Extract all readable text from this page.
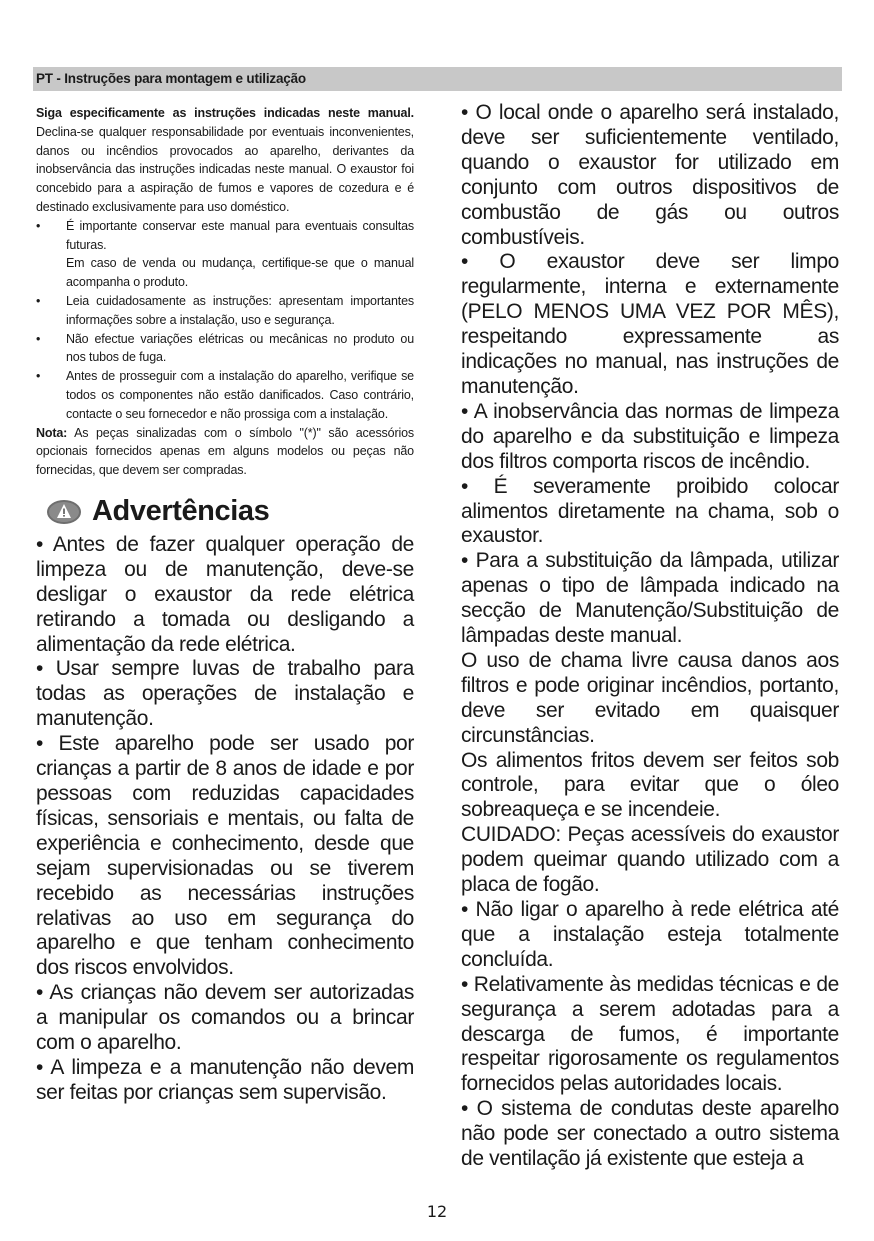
PT - Instruções para montagem e utilização

Siga especificamente as instruções indicadas neste manual. Declina-se qualquer responsabilidade por eventuais inconvenientes, danos ou incêndios provocados ao aparelho, derivantes da inobservância das instruções indicadas neste manual. O exaustor foi concebido para a aspiração de fumos e vapores de cozedura e é destinado exclusivamente para uso doméstico.

• É importante conservar este manual para eventuais consultas futuras.

Em caso de venda ou mudança, certifique-se que o manual acompanha o produto.

• Leia cuidadosamente as instruções: apresentam importantes informações sobre a instalação, uso e segurança.

• Não efectue variações elétricas ou mecânicas no produto ou nos tubos de fuga.

• Antes de prosseguir com a instalação do aparelho, verifique se todos os componentes não estão danificados. Caso contrário, contacte o seu fornecedor e não prossiga com a instalação.

Nota: As peças sinalizadas com o símbolo "(*)" são acessórios opcionais fornecidos apenas em alguns modelos ou peças não fornecidas, que devem ser compradas.

Advertências

• Antes de fazer qualquer operação de limpeza ou de manutenção, deve-se desligar o exaustor da rede elétrica retirando a tomada ou desligando a alimentação da rede elétrica.

• Usar sempre luvas de trabalho para todas as operações de instalação e manutenção.

• Este aparelho pode ser usado por crianças a partir de 8 anos de idade e por pessoas com reduzidas capacidades físicas, sensoriais e mentais, ou falta de experiência e conhecimento, desde que sejam supervisionadas ou se tiverem recebido as necessárias instruções relativas ao uso em segurança do aparelho e que tenham conhecimento dos riscos envolvidos.

• As crianças não devem ser autorizadas a manipular os comandos ou a brincar com o aparelho.

• A limpeza e a manutenção não devem ser feitas por crianças sem supervisão.

• O local onde o aparelho será instalado, deve ser suficientemente ventilado, quando o exaustor for utilizado em conjunto com outros dispositivos de combustão de gás ou outros combustíveis.

• O exaustor deve ser limpo regularmente, interna e externamente (PELO MENOS UMA VEZ POR MÊS), respeitando expressamente as indicações no manual, nas instruções de manutenção.

• A inobservância das normas de limpeza do aparelho e da substituição e limpeza dos filtros comporta riscos de incêndio.

• É severamente proibido colocar alimentos diretamente na chama, sob o exaustor.

• Para a substituição da lâmpada, utilizar apenas o tipo de lâmpada indicado na secção de Manutenção/Substituição de lâmpadas deste manual.

O uso de chama livre causa danos aos filtros e pode originar incêndios, portanto, deve ser evitado em quaisquer circunstâncias.

Os alimentos fritos devem ser feitos sob controle, para evitar que o óleo sobreaqueça e se incendeie.

CUIDADO: Peças acessíveis do exaustor podem queimar quando utilizado com a placa de fogão.

• Não ligar o aparelho à rede elétrica até que a instalação esteja totalmente concluída.

• Relativamente às medidas técnicas e de segurança a serem adotadas para a descarga de fumos, é importante respeitar rigorosamente os regulamentos fornecidos pelas autoridades locais.

• O sistema de condutas deste aparelho não pode ser conectado a outro sistema de ventilação já existente que esteja a

12
